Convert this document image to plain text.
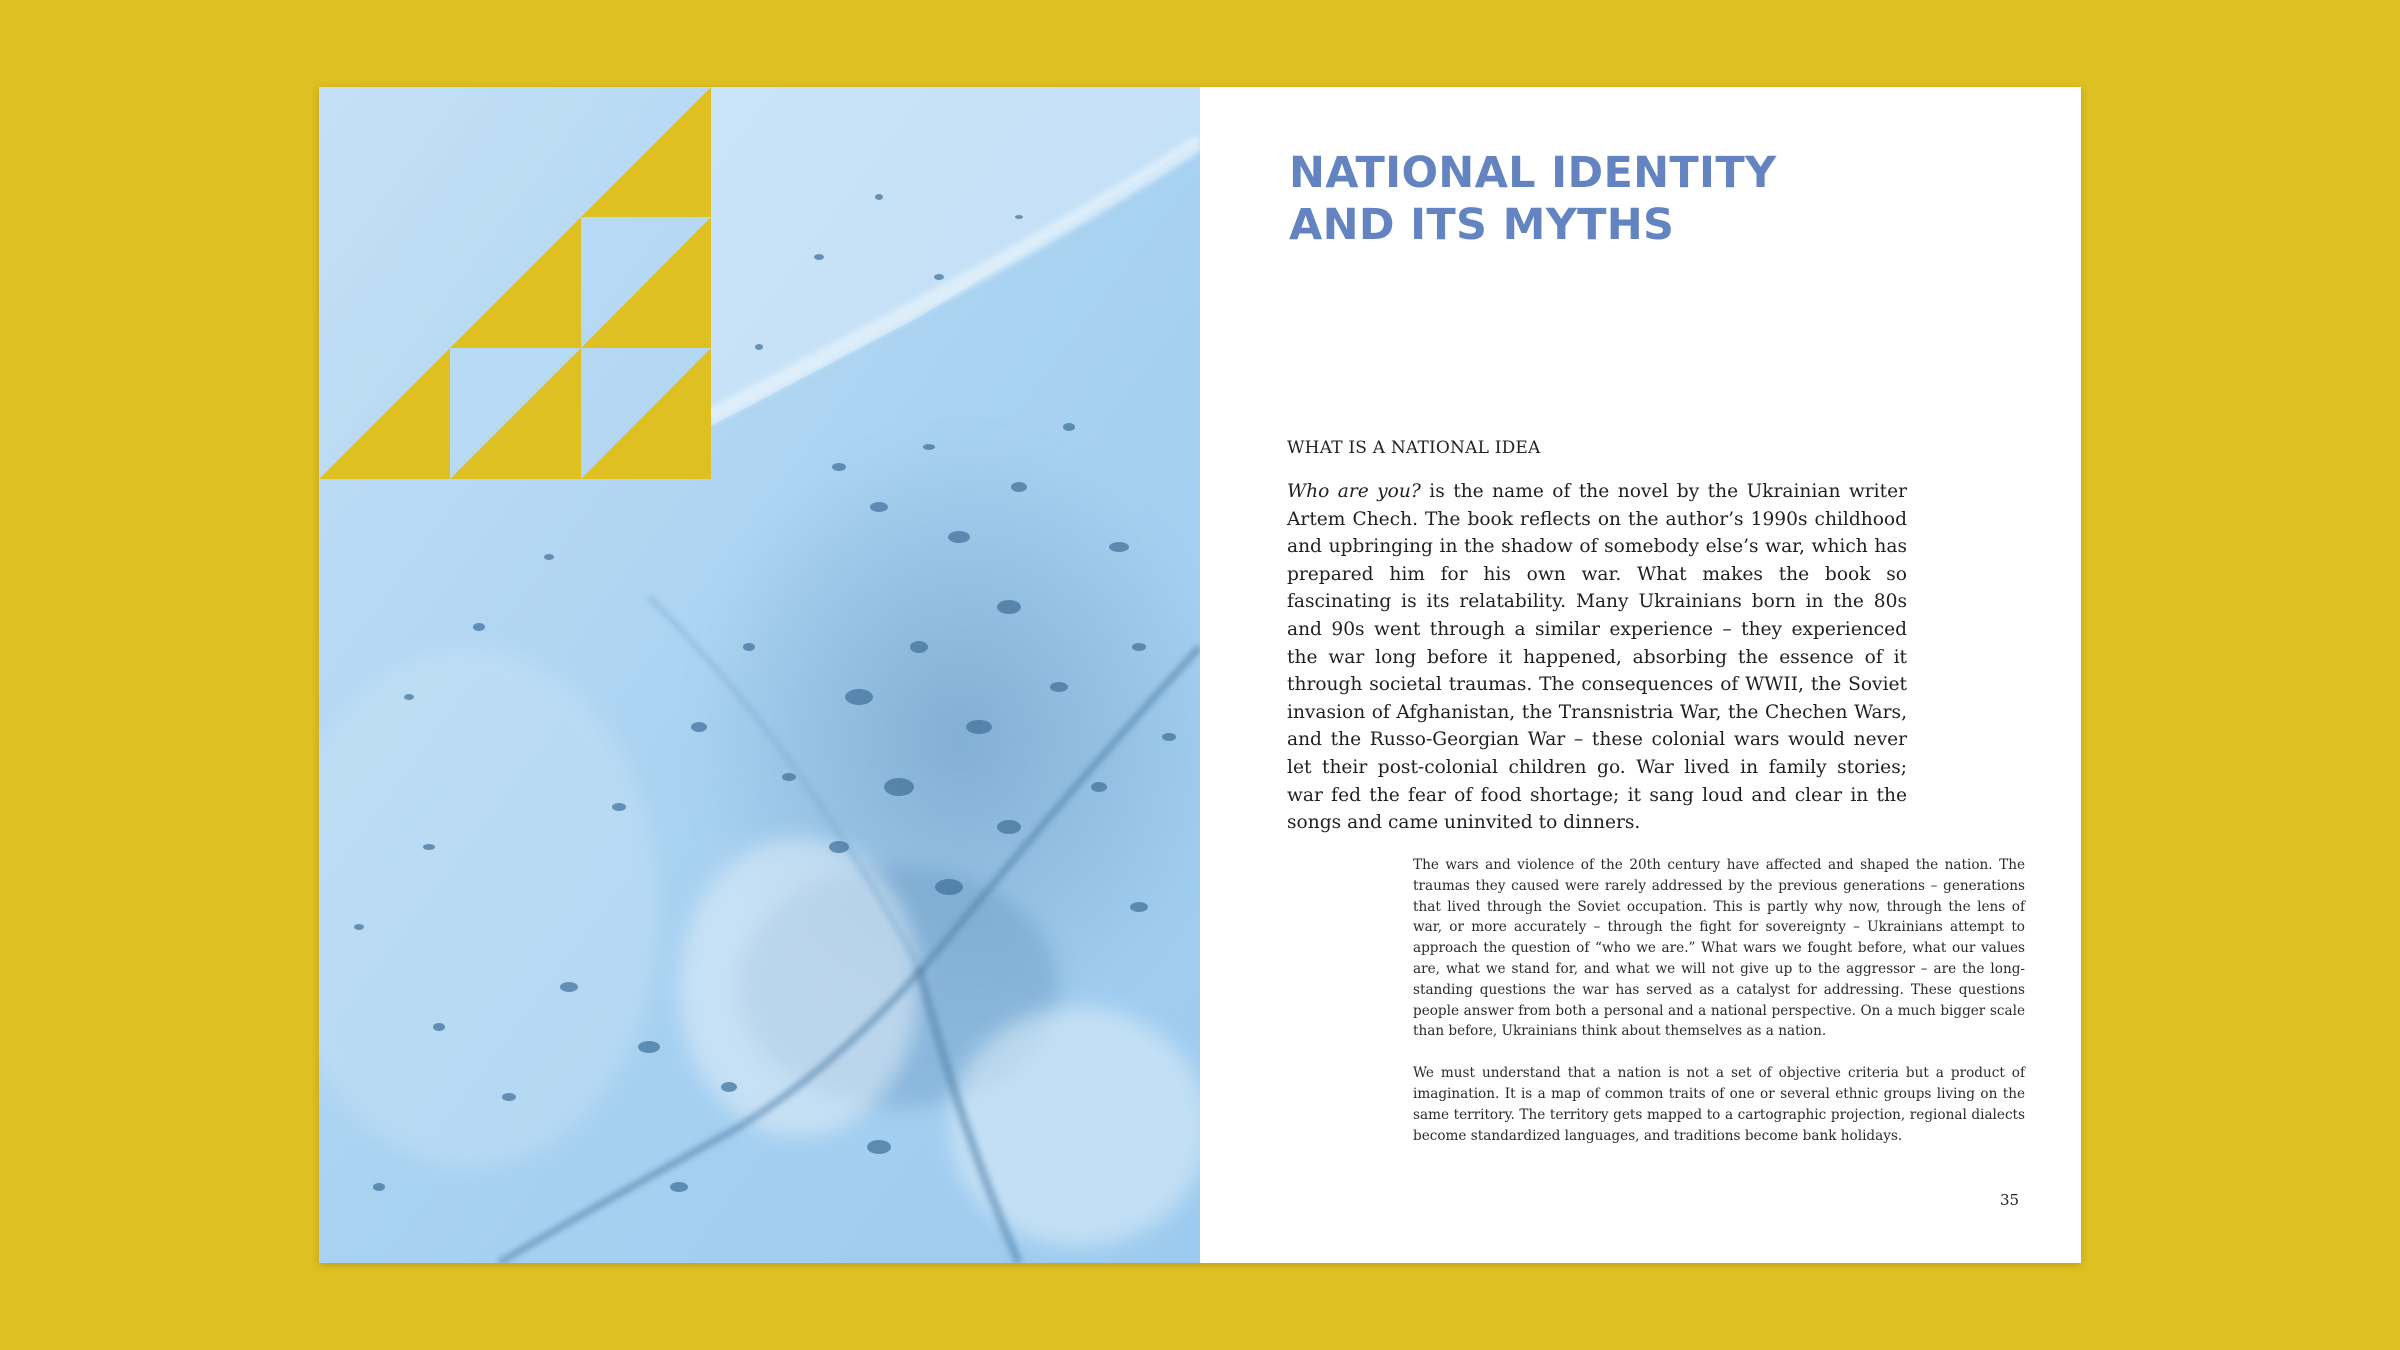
NATIONAL IDENTITY
AND ITS MYTHS
WHAT IS A NATIONAL IDEA

Who are you? is the name of the novel by the Ukrainian writer Artem Chech. The book reflects on the author’s 1990s childhood and upbringing in the shadow of somebody else’s war, which has prepared him for his own war. What makes the book so fascinating is its relatability. Many Ukrainians born in the 80s and 90s went through a similar experience – they experienced the war long before it happened, absorbing the essence of it through societal traumas. The consequences of WWII, the Soviet invasion of Afghanistan, the Transnistria War, the Chechen Wars, and the Russo-Georgian War – these colonial wars would never let their post-colonial children go. War lived in family stories; war fed the fear of food shortage; it sang loud and clear in the songs and came uninvited to dinners.

The wars and violence of the 20th century have affected and shaped the nation. The traumas they caused were rarely addressed by the previous generations – generations that lived through the Soviet occupation. This is partly why now, through the lens of war, or more accurately – through the fight for sovereignty – Ukrainians attempt to approach the question of “who we are.” What wars we fought before, what our values are, what we stand for, and what we will not give up to the aggressor – are the long-standing questions the war has served as a catalyst for addressing. These questions people answer from both a personal and a national perspective. On a much bigger scale than before, Ukrainians think about themselves as a nation.

We must understand that a nation is not a set of objective criteria but a product of imagination. It is a map of common traits of one or several ethnic groups living on the same territory. The territory gets mapped to a cartographic projection, regional dialects become standardized languages, and traditions become bank holidays.

35
